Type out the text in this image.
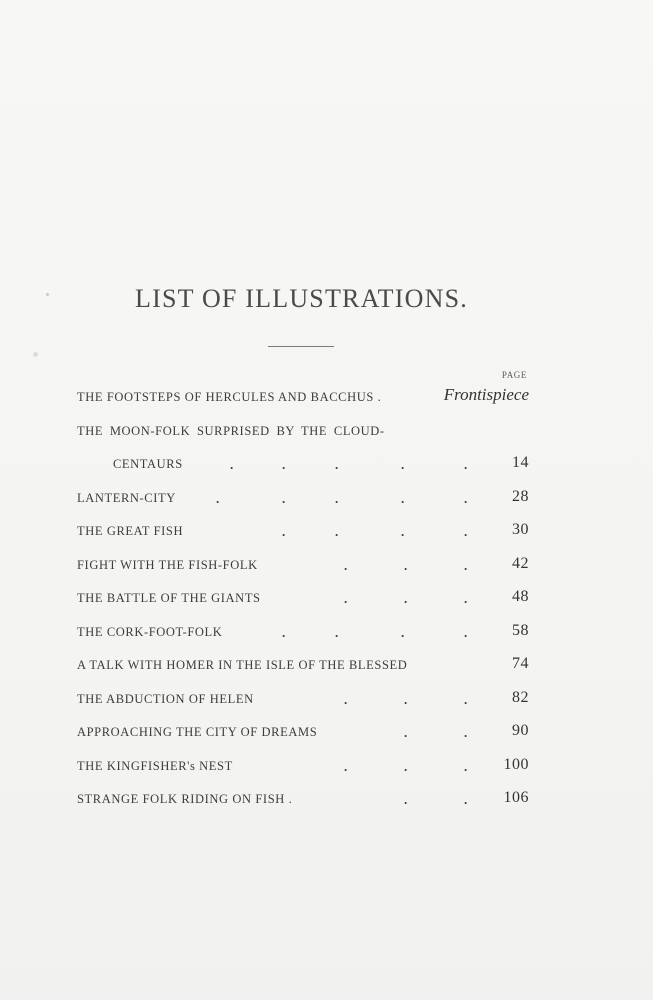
LIST OF ILLUSTRATIONS.
PAGE
THE FOOTSTEPS OF HERCULES AND BACCHUS .	Frontispiece
THE MOON-FOLK SURPRISED BY THE CLOUD-
CENTAURS	.	.	.	.	.	14
LANTERN-CITY	.	.	.	.	.	28
THE GREAT FISH	.	.	.	.	30
FIGHT WITH THE FISH-FOLK	.	.	.	42
THE BATTLE OF THE GIANTS	.	.	.	48
THE CORK-FOOT-FOLK	.	.	.	.	58
A TALK WITH HOMER IN THE ISLE OF THE BLESSED	74
THE ABDUCTION OF HELEN	.	.	.	82
APPROACHING THE CITY OF DREAMS	.	.	90
THE KINGFISHER's NEST	.	.	. 100
STRANGE FOLK RIDING ON FISH .	.	. 106
